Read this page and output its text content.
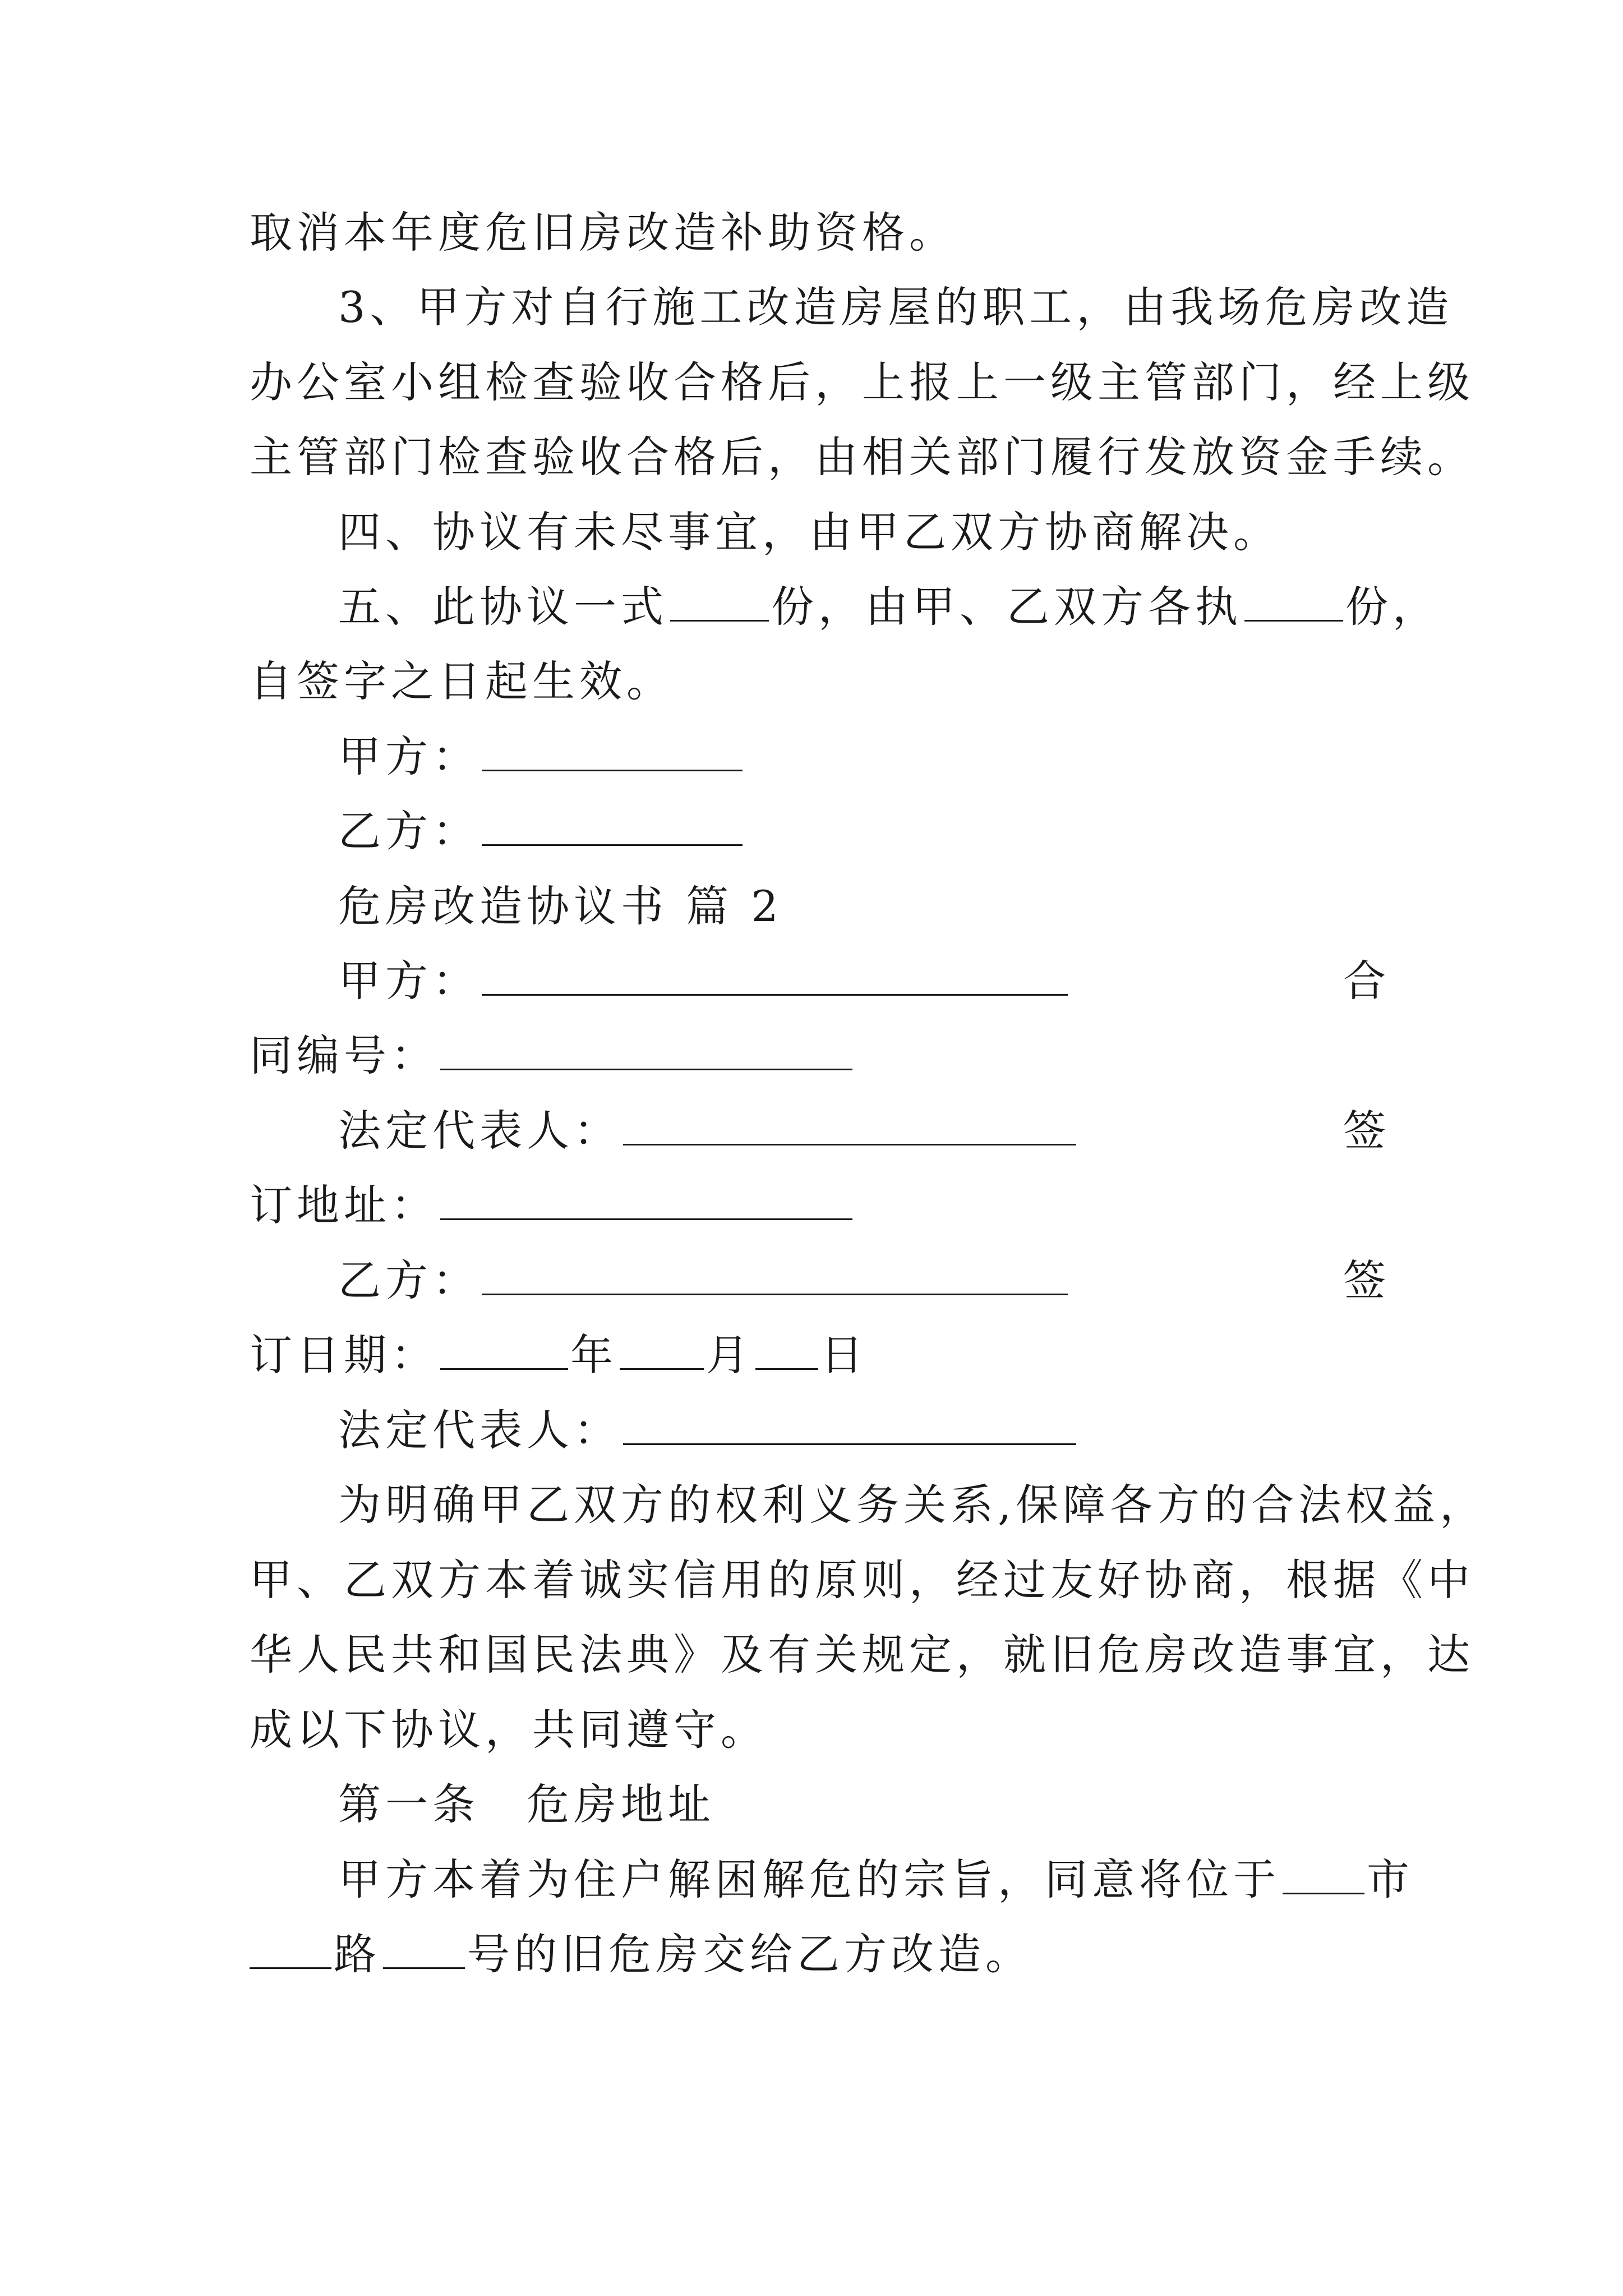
取消本年度危旧房改造补助资格。
3、甲方对自行施工改造房屋的职工，由我场危房改造
办公室小组检查验收合格后，上报上一级主管部门，经上级
主管部门检查验收合格后，由相关部门履行发放资金手续。
四、协议有未尽事宜，由甲乙双方协商解决。
五、此协议一式 份，由甲、乙双方各执 份，
自签字之日起生效。
甲方：
乙方：
危房改造协议书 篇 2
甲方：	合
同编号：
法定代表人：	签
订地址：
乙方：	签
订日期：	年 月 日
法定代表人：
为明确甲乙双方的权利义务关系,保障各方的合法权益，
甲、乙双方本着诚实信用的原则，经过友好协商，根据《中
华人民共和国民法典》及有关规定，就旧危房改造事宜，达
成以下协议，共同遵守。
第一条　危房地址
甲方本着为住户解困解危的宗旨，同意将位于 市
路 号的旧危房交给乙方改造。
